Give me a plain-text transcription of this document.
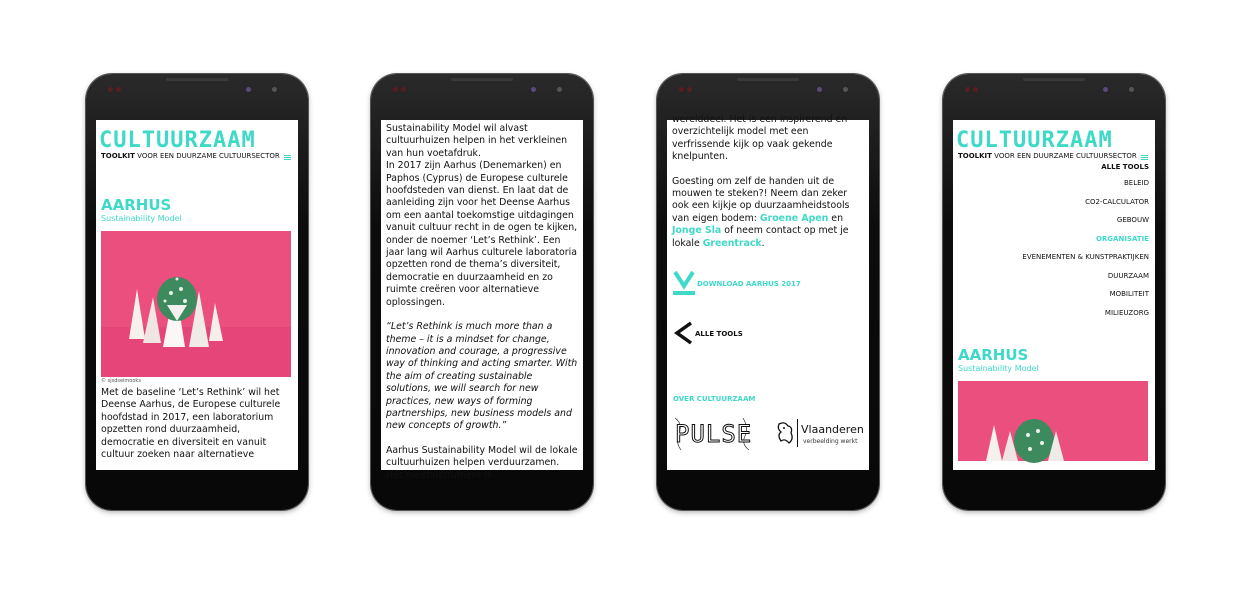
CULTUURZAAM
TOOLKIT VOOR EEN DUURZAME CULTUURSECTOR
AARHUS
Sustainability Model
© sjsdseimooks
Met de baseline ‘Let’s Rethink’ wil het Deense Aarhus, de Europese culturele hoofdstad in 2017, een laboratorium opzetten rond duurzaamheid, democratie en diversiteit en vanuit cultuur zoeken naar alternatieve
Sustainability Model wil alvast cultuurhuizen helpen in het verkleinen van hun voetafdruk.
In 2017 zijn Aarhus (Denemarken) en Paphos (Cyprus) de Europese culturele hoofdsteden van dienst. En laat dat de aanleiding zijn voor het Deense Aarhus om een aantal toekomstige uitdagingen vanuit cultuur recht in de ogen te kijken, onder de noemer ‘Let’s Rethink’. Een jaar lang wil Aarhus culturele laboratoria opzetten rond de thema’s diversiteit, democratie en duurzaamheid en zo ruimte creëren voor alternatieve oplossingen.
“Let’s Rethink is much more than a theme – it is a mindset for change, innovation and courage, a progressive way of thinking and acting smarter. With the aim of creating sustainable solutions, we will search for new practices, new ways of forming partnerships, new business models and new concepts of growth.”
Aarhus Sustainability Model wil de lokale cultuurhuizen helpen verduurzamen. Het meetinstrument is
werelddeel. Het is een inspirerend en overzichtelijk model met een verfrissende kijk op vaak gekende knelpunten.
Goesting om zelf de handen uit de mouwen te steken?! Neem dan zeker ook een kijkje op duurzaamheidstools van eigen bodem: Groene Apen en Jonge Sla of neem contact op met je lokale Greentrack.
DOWNLOAD AARHUS 2017
ALLE TOOLS
OVER CULTUURZAAM
PULSE	Vlaanderen
verbeelding werkt
CULTUURZAAM
TOOLKIT VOOR EEN DUURZAME CULTUURSECTOR
ALLE TOOLS
BELEID
CO2-CALCULATOR
GEBOUW
ORGANISATIE
EVENEMENTEN & KUNSTPRAKTIJKEN
DUURZAAM
MOBILITEIT
MILIEUZORG
AARHUS
Sustainability Model
